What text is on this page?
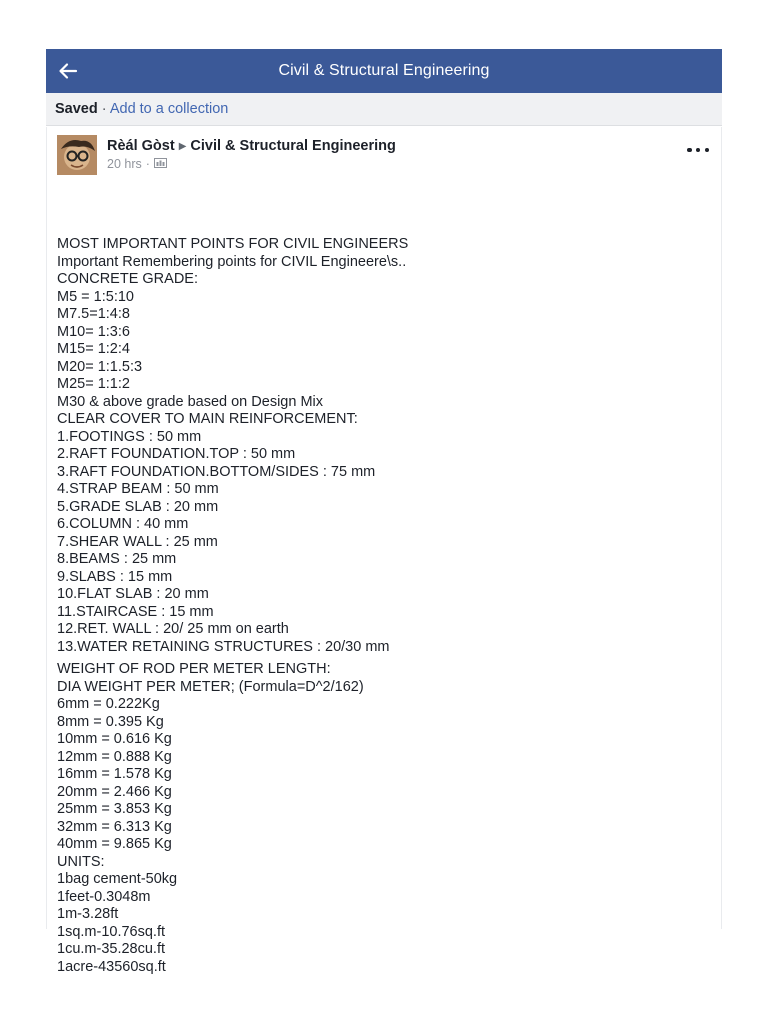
Civil & Structural Engineering
Saved · Add to a collection
Rèál Gòst ▶ Civil & Structural Engineering
20 hrs ·
MOST IMPORTANT POINTS FOR CIVIL ENGINEERS
Important Remembering points for CIVIL Engineere\s..
CONCRETE GRADE:
M5 = 1:5:10
M7.5=1:4:8
M10= 1:3:6
M15= 1:2:4
M20= 1:1.5:3
M25= 1:1:2
M30 & above grade based on Design Mix
CLEAR COVER TO MAIN REINFORCEMENT:
1.FOOTINGS : 50 mm
2.RAFT FOUNDATION.TOP : 50 mm
3.RAFT FOUNDATION.BOTTOM/SIDES : 75 mm
4.STRAP BEAM : 50 mm
5.GRADE SLAB : 20 mm
6.COLUMN : 40 mm
7.SHEAR WALL : 25 mm
8.BEAMS : 25 mm
9.SLABS : 15 mm
10.FLAT SLAB : 20 mm
11.STAIRCASE : 15 mm
12.RET. WALL : 20/ 25 mm on earth
13.WATER RETAINING STRUCTURES : 20/30 mm
WEIGHT OF ROD PER METER LENGTH:
DIA WEIGHT PER METER; (Formula=D^2/162)
6mm = 0.222Kg
8mm = 0.395 Kg
10mm = 0.616 Kg
12mm = 0.888 Kg
16mm = 1.578 Kg
20mm = 2.466 Kg
25mm = 3.853 Kg
32mm = 6.313 Kg
40mm = 9.865 Kg
UNITS:
1bag cement-50kg
1feet-0.3048m
1m-3.28ft
1sq.m-10.76sq.ft
1cu.m-35.28cu.ft
1acre-43560sq.ft
